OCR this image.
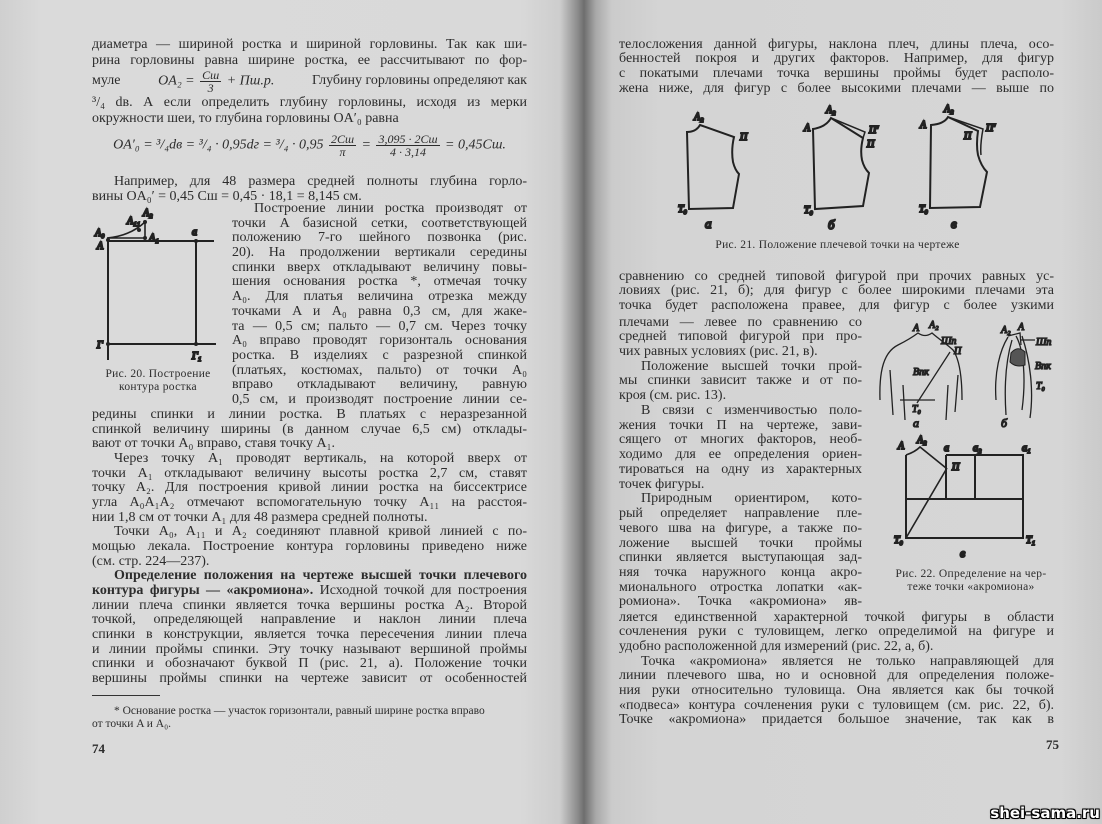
диаметра — шириной ростка и шириной горловины. Так как ши-
рина горловины равна ширине ростка, ее рассчитывают по фор-
муле	$OA_2 = \frac{Cш}{3} + Пш.р$.	Глубину горловины определяют как
³/₄ dв. А если определить глубину горловины, исходя из мерки
окружности шеи, то глубина горловины OA′₀ равна
$OA'_0 = ^3/_4dв = ^3/_4 \cdot 0,95dг = ^3/_4 \cdot 0,95 \frac{2Cш}{\pi} = \frac{3,095 \cdot 2Cш}{4 \cdot 3,14} = 0,45Cш$.
Например, для 48 размера средней полноты глубина горло-
вины OA₀′ = 0,45 Cш = 0,45 · 18,1 = 8,145 см.
Построение линии ростка производят от
точки A базисной сетки, соответствующей
положению 7-го шейного позвонка (рис.
20). На продолжении вертикали середины
спинки вверх откладывают величину повы-
шения основания ростка *, отмечая точку
A₀. Для платья величина отрезка между
точками A и A₀ равна 0,3 см, для жаке-
та — 0,5 см; пальто — 0,7 см. Через точку
A₀ вправо проводят горизонталь основания
ростка. В изделиях с разрезной спинкой
(платьях, костюмах, пальто) от точки A₀
вправо откладывают величину, равную
0,5 см, и производят построение линии се-
редины спинки и линии ростка. В платьях с неразрезанной
спинкой величину ширины (в данном случае 6,5 см) отклады-
вают от точки A₀ вправо, ставя точку A₁.
Через точку A₁ проводят вертикаль, на которой вверх от
точки A₁ откладывают величину высоты ростка 2,7 см, ставят
точку A₂. Для построения кривой линии ростка на биссектрисе
угла A₀A₁A₂ отмечают вспомогательную точку A₁₁ на расстоя-
нии 1,8 см от точки A₁ для 48 размера средней полноты.
Точки A₀, A₁₁ и A₂ соединяют плавной кривой линией с по-
мощью лекала. Построение контура горловины приведено ниже
(см. стр. 224—237).
Определение положения на чертеже высшей точки плечевого
контура фигуры — «акромиона». Исходной точкой для построения
линии плеча спинки является точка вершины ростка A₂. Второй
точкой, определяющей направление и наклон линии плеча
спинки в конструкции, является точка пересечения линии плеча
и линии проймы спинки. Эту точку называют вершиной проймы
спинки и обозначают буквой П (рис. 21, а). Положение точки
вершины проймы спинки на чертеже зависит от особенностей
Рис. 20. Построение
контура ростка
* Основание ростка — участок горизонтали, равный ширине ростка вправо
от точки A и A₀.
74
телосложения данной фигуры, наклона плеч, длины плеча, осо-
бенностей покроя и других факторов. Например, для фигур
с покатыми плечами точка вершины проймы будет располо-
жена ниже, для фигур с более высокими плечами — выше по
Рис. 21. Положение плечевой точки на чертеже
сравнению со средней типовой фигурой при прочих равных ус-
ловиях (рис. 21, б); для фигур с более широкими плечами эта
точка будет расположена правее, для фигур с более узкими
плечами — левее по сравнению со
средней типовой фигурой при про-
чих равных условиях (рис. 21, в).
Положение высшей точки прой-
мы спинки зависит также и от по-
кроя (см. рис. 13).
В связи с изменчивостью поло-
жения точки П на чертеже, зави-
сящего от многих факторов, необ-
ходимо для ее определения ориен-
тироваться на одну из характерных
точек фигуры.
Природным ориентиром, кото-
рый определяет направление пле-
чевого шва на фигуре, а также по-
ложение высшей точки проймы
спинки является выступающая зад-
няя точка наружного конца акро-
мионального отростка лопатки «ак-
ромиона». Точка «акромиона» яв-
ляется единственной характерной точкой фигуры в области
сочленения руки с туловищем, легко определимой на фигуре и
удобно расположенной для измерений (рис. 22, а, б).
Точка «акромиона» является не только направляющей для
линии плечевого шва, но и основной для определения положе-
ния руки относительно туловища. Она является как бы точкой
«подвеса» контура сочленения руки с туловищем (см. рис. 22, б).
Точке «акромиона» придается большое значение, так как в
Рис. 22. Определение на чер-
теже точки «акромиона»
75
A₀
A
A₁₁
A₂
A₁
а
Г
Г₁
A₂
П
T₀
а
A
A₂
П′
П
T₀
б
A
A₂
П′
П
T₀
в
A A₂
Шп
П
Впк
T₀
а
A₂ A
Шп
Впк
T₀
б
A
A₂
а а₂	а₁
П
T₀	T₁
в
shei-sama.ru
